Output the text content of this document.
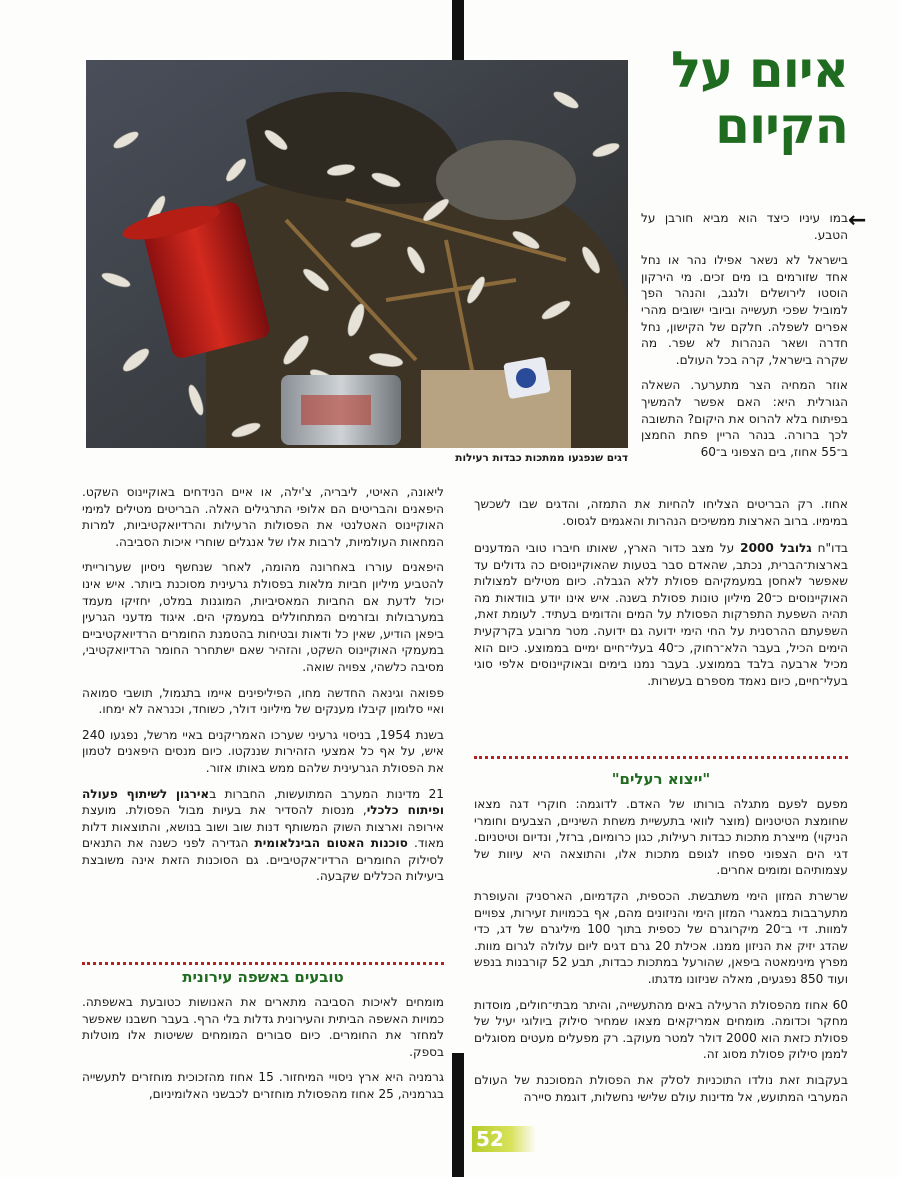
איום על הקיום
דגים שנפגעו ממתכות כבדות רעילות
←

במו עיניו כיצד הוא מביא חורבן על הטבע.

בישראל לא נשאר אפילו נהר או נחל אחד שזורמים בו מים זכים. מי הירקון הוסטו לירושלים ולנגב, והנהר הפך למוביל שפכי תעשייה וביובי ישובים מהרי אפרים לשפלה. חלקם של הקישון, נחל חדרה ושאר הנהרות לא שפר. מה שקרה בישראל, קרה בכל העולם.

אוזר המחיה הצר מתערער. השאלה הגורלית היא: האם אפשר להמשיך בפיתוח בלא להרוס את היקום? התשובה לכך ברורה. בנהר הריין פחת החמצן ב־55 אחוז, בים הצפוני ב־60

אחוז. רק הבריטים הצליחו להחיות את התמזה, והדגים שבו לשכשך במימיו. ברוב הארצות ממשיכים הנהרות והאגמים לגסוס.

בדו"ח גלובל 2000 על מצב כדור הארץ, שאותו חיברו טובי המדענים בארצות־הברית, נכתב, שהאדם סבר בטעות שהאוקיינוסים כה גדולים עד שאפשר לאחסן במעמקיהם פסולת ללא הגבלה. כיום מטילים למצולות האוקיינוסים כ־20 מיליון טונות פסולת בשנה. איש אינו יודע בוודאות מה תהיה השפעת התפרקות הפסולת על המים והדומים בעתיד. לעומת זאת, השפעתם ההרסנית על החי הימי ידועה גם ידועה. מטר מרובע בקרקעית הימים הכיל, בעבר הלא־רחוק, כ־40 בעלי־חיים ימיים בממוצע. כיום הוא מכיל ארבעה בלבד בממוצע. בעבר נמנו בימים ובאוקיינוסים אלפי סוגי בעלי־חיים, כיום נאמד מספרם בעשרות.

"ייצוא רעלים"

מפעם לפעם מתגלה בורותו של האדם. לדוגמה: חוקרי דגה מצאו שחומצת הטיטניום (מוצר לוואי בתעשיית משחת השיניים, הצבעים וחומרי הניקוי) מייצרת מתכות כבדות רעילות, כגון כרומיום, ברזל, ונדיום וטיטניום. דגי הים הצפוני ספחו לגופם מתכות אלו, והתוצאה היא עיוות של עצמותיהם ומומים אחרים.

שרשרת המזון הימי משתבשת. הכספית, הקדמיום, הארסניק והעופרת מתערבבות במאגרי המזון הימי והניזונים מהם, אף בכמויות זעירות, צפויים למוות. די ב־20 מיקרוגרם של כספית בתוך 100 מיליגרם של דג, כדי שהדג יזיק את הניזון ממנו. אכילת 20 גרם דגים ליום עלולה לגרום מוות. מפרץ מינימאטה ביפאן, שהורעל במתכות כבדות, תבע 52 קורבנות בנפש ועוד 850 נפגעים, מאלה שניזונו מדגתו.

60 אחוז מהפסולת הרעילה באים מהתעשייה, והיתר מבתי־חולים, מוסדות מחקר וכדומה. מומחים אמריקאים מצאו שמחיר סילוק ביולוגי יעיל של פסולת כזאת הוא 2000 דולר למטר מעוקב. רק מפעלים מעטים מסוגלים לממן סילוק פסולת מסוג זה.

בעקבות זאת נולדו התוכניות לסלק את הפסולת המסוכנת של העולם המערבי המתועש, אל מדינות עולם שלישי נחשלות, דוגמת סיירה

ליאונה, האיטי, ליבריה, צ'ילה, או איים הנידחים באוקיינוס השקט. היפאנים והבריטים הם אלופי התרגילים האלה. הבריטים מטילים למימי האוקיינוס האטלנטי את הפסולות הרעילות והרדיואקטיביות, למרות המחאות העולמיות, לרבות אלו של אנגלים שוחרי איכות הסביבה.

היפאנים עוררו באחרונה מהומה, לאחר שנחשף ניסיון שערורייתי להטביע מיליון חביות מלאות בפסולת גרעינית מסוכנת ביותר. איש אינו יכול לדעת אם החביות המאסיביות, המוגנות במלט, יחזיקו מעמד במערבולות ובזרמים המתחוללים במעמקי הים. איגוד מדעני הגרעין ביפאן הודיע, שאין כל ודאות ובטיחות בהטמנת החומרים הרדיואקטיביים במעמקי האוקיינוס השקט, והזהיר שאם ישתחרר החומר הרדיואקטיבי, מסיבה כלשהי, צפויה שואה.

פפואה וגינאה החדשה מחו, הפיליפינים איימו בתגמול, תושבי סמואה ואיי סלומון קיבלו מענקים של מיליוני דולר, כשוחד, וכנראה לא ימחו.

בשנת 1954, בניסוי גרעיני שערכו האמריקנים באיי מרשל, נפגעו 240 איש, על אף כל אמצעי הזהירות שננקטו. כיום מנסים היפאנים לטמון את הפסולת הגרעינית שלהם ממש באותו אזור.

21 מדינות המערב המתועשות, החברות באירגון לשיתוף פעולה ופיתוח כלכלי, מנסות להסדיר את בעיות מבול הפסולת. מועצת אירופה וארצות השוק המשותף דנות שוב ושוב בנושא, והתוצאות דלות מאוד. סוכנות האטום הבינלאומית הגדירה לפני כשנה את התנאים לסילוק החומרים הרדיו־אקטיביים. גם הסוכנות הזאת אינה משובצת ביעילות הכללים שקבעה.

טובעים באשפה עירונית

מומחים לאיכות הסביבה מתארים את האנושות כטובעת באשפתה. כמויות האשפה הביתית והעירונית גדלות בלי הרף. בעבר חשבנו שאפשר למחזר את החומרים. כיום סבורים המומחים ששיטות אלו מוטלות בספק.

גרמניה היא ארץ ניסויי המיחזור. 15 אחוז מהזכוכית מוחזרים לתעשייה בגרמניה, 25 אחוז מהפסולת מוחזרים לכבשני האלומיניום,

52
